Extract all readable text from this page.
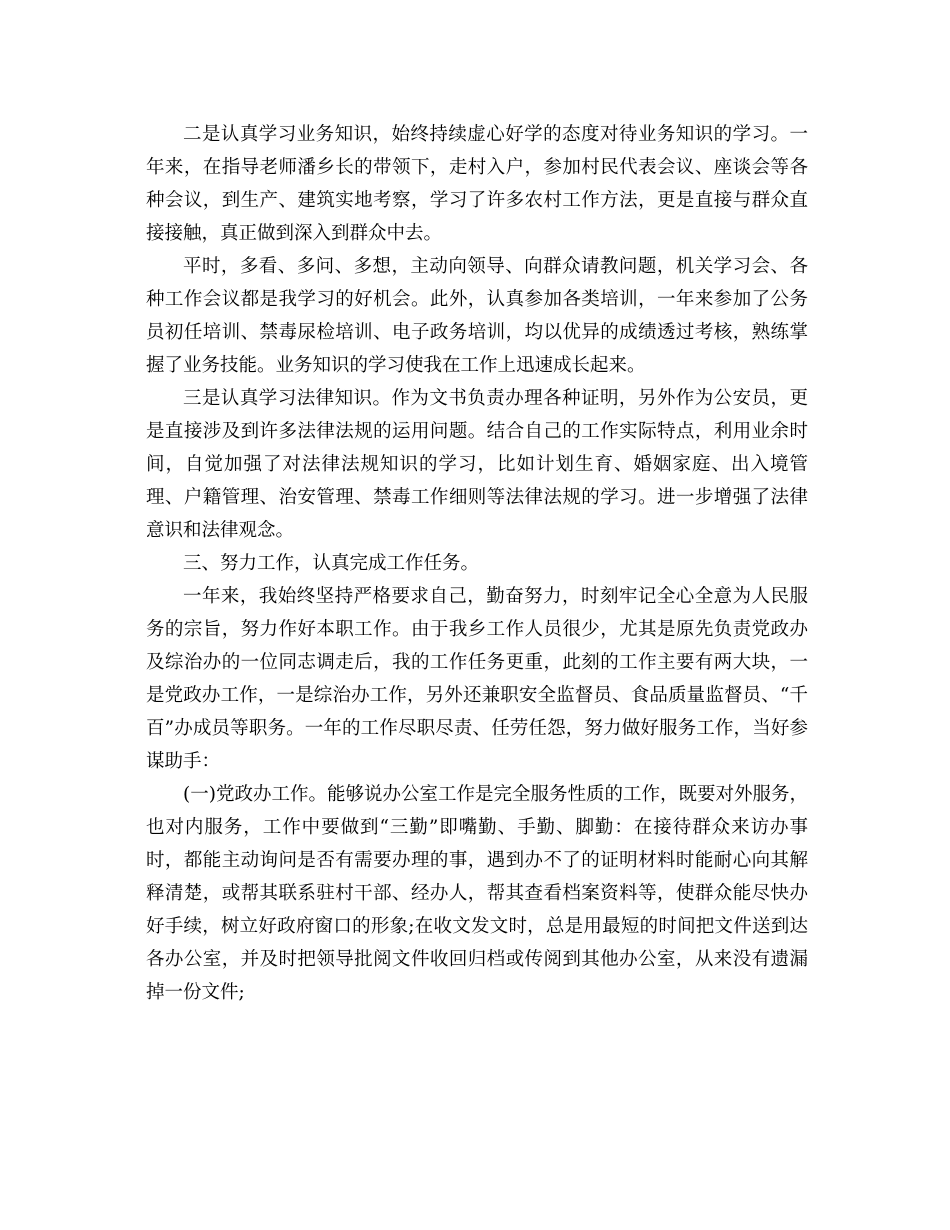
二是认真学习业务知识，始终持续虚心好学的态度对待业务知识的学习。一年来，在指导老师潘乡长的带领下，走村入户，参加村民代表会议、座谈会等各种会议，到生产、建筑实地考察，学习了许多农村工作方法，更是直接与群众直接接触，真正做到深入到群众中去。

平时，多看、多问、多想，主动向领导、向群众请教问题，机关学习会、各种工作会议都是我学习的好机会。此外，认真参加各类培训，一年来参加了公务员初任培训、禁毒尿检培训、电子政务培训，均以优异的成绩透过考核，熟练掌握了业务技能。业务知识的学习使我在工作上迅速成长起来。

三是认真学习法律知识。作为文书负责办理各种证明，另外作为公安员，更是直接涉及到许多法律法规的运用问题。结合自己的工作实际特点，利用业余时间，自觉加强了对法律法规知识的学习，比如计划生育、婚姻家庭、出入境管理、户籍管理、治安管理、禁毒工作细则等法律法规的学习。进一步增强了法律意识和法律观念。

三、努力工作，认真完成工作任务。

一年来，我始终坚持严格要求自己，勤奋努力，时刻牢记全心全意为人民服务的宗旨，努力作好本职工作。由于我乡工作人员很少，尤其是原先负责党政办及综治办的一位同志调走后，我的工作任务更重，此刻的工作主要有两大块，一是党政办工作，一是综治办工作，另外还兼职安全监督员、食品质量监督员、“千百”办成员等职务。一年的工作尽职尽责、任劳任怨，努力做好服务工作，当好参谋助手：

(一)党政办工作。能够说办公室工作是完全服务性质的工作，既要对外服务，也对内服务，工作中要做到“三勤”即嘴勤、手勤、脚勤：在接待群众来访办事时，都能主动询问是否有需要办理的事，遇到办不了的证明材料时能耐心向其解释清楚，或帮其联系驻村干部、经办人，帮其查看档案资料等，使群众能尽快办好手续，树立好政府窗口的形象;在收文发文时，总是用最短的时间把文件送到达各办公室，并及时把领导批阅文件收回归档或传阅到其他办公室，从来没有遗漏掉一份文件;
